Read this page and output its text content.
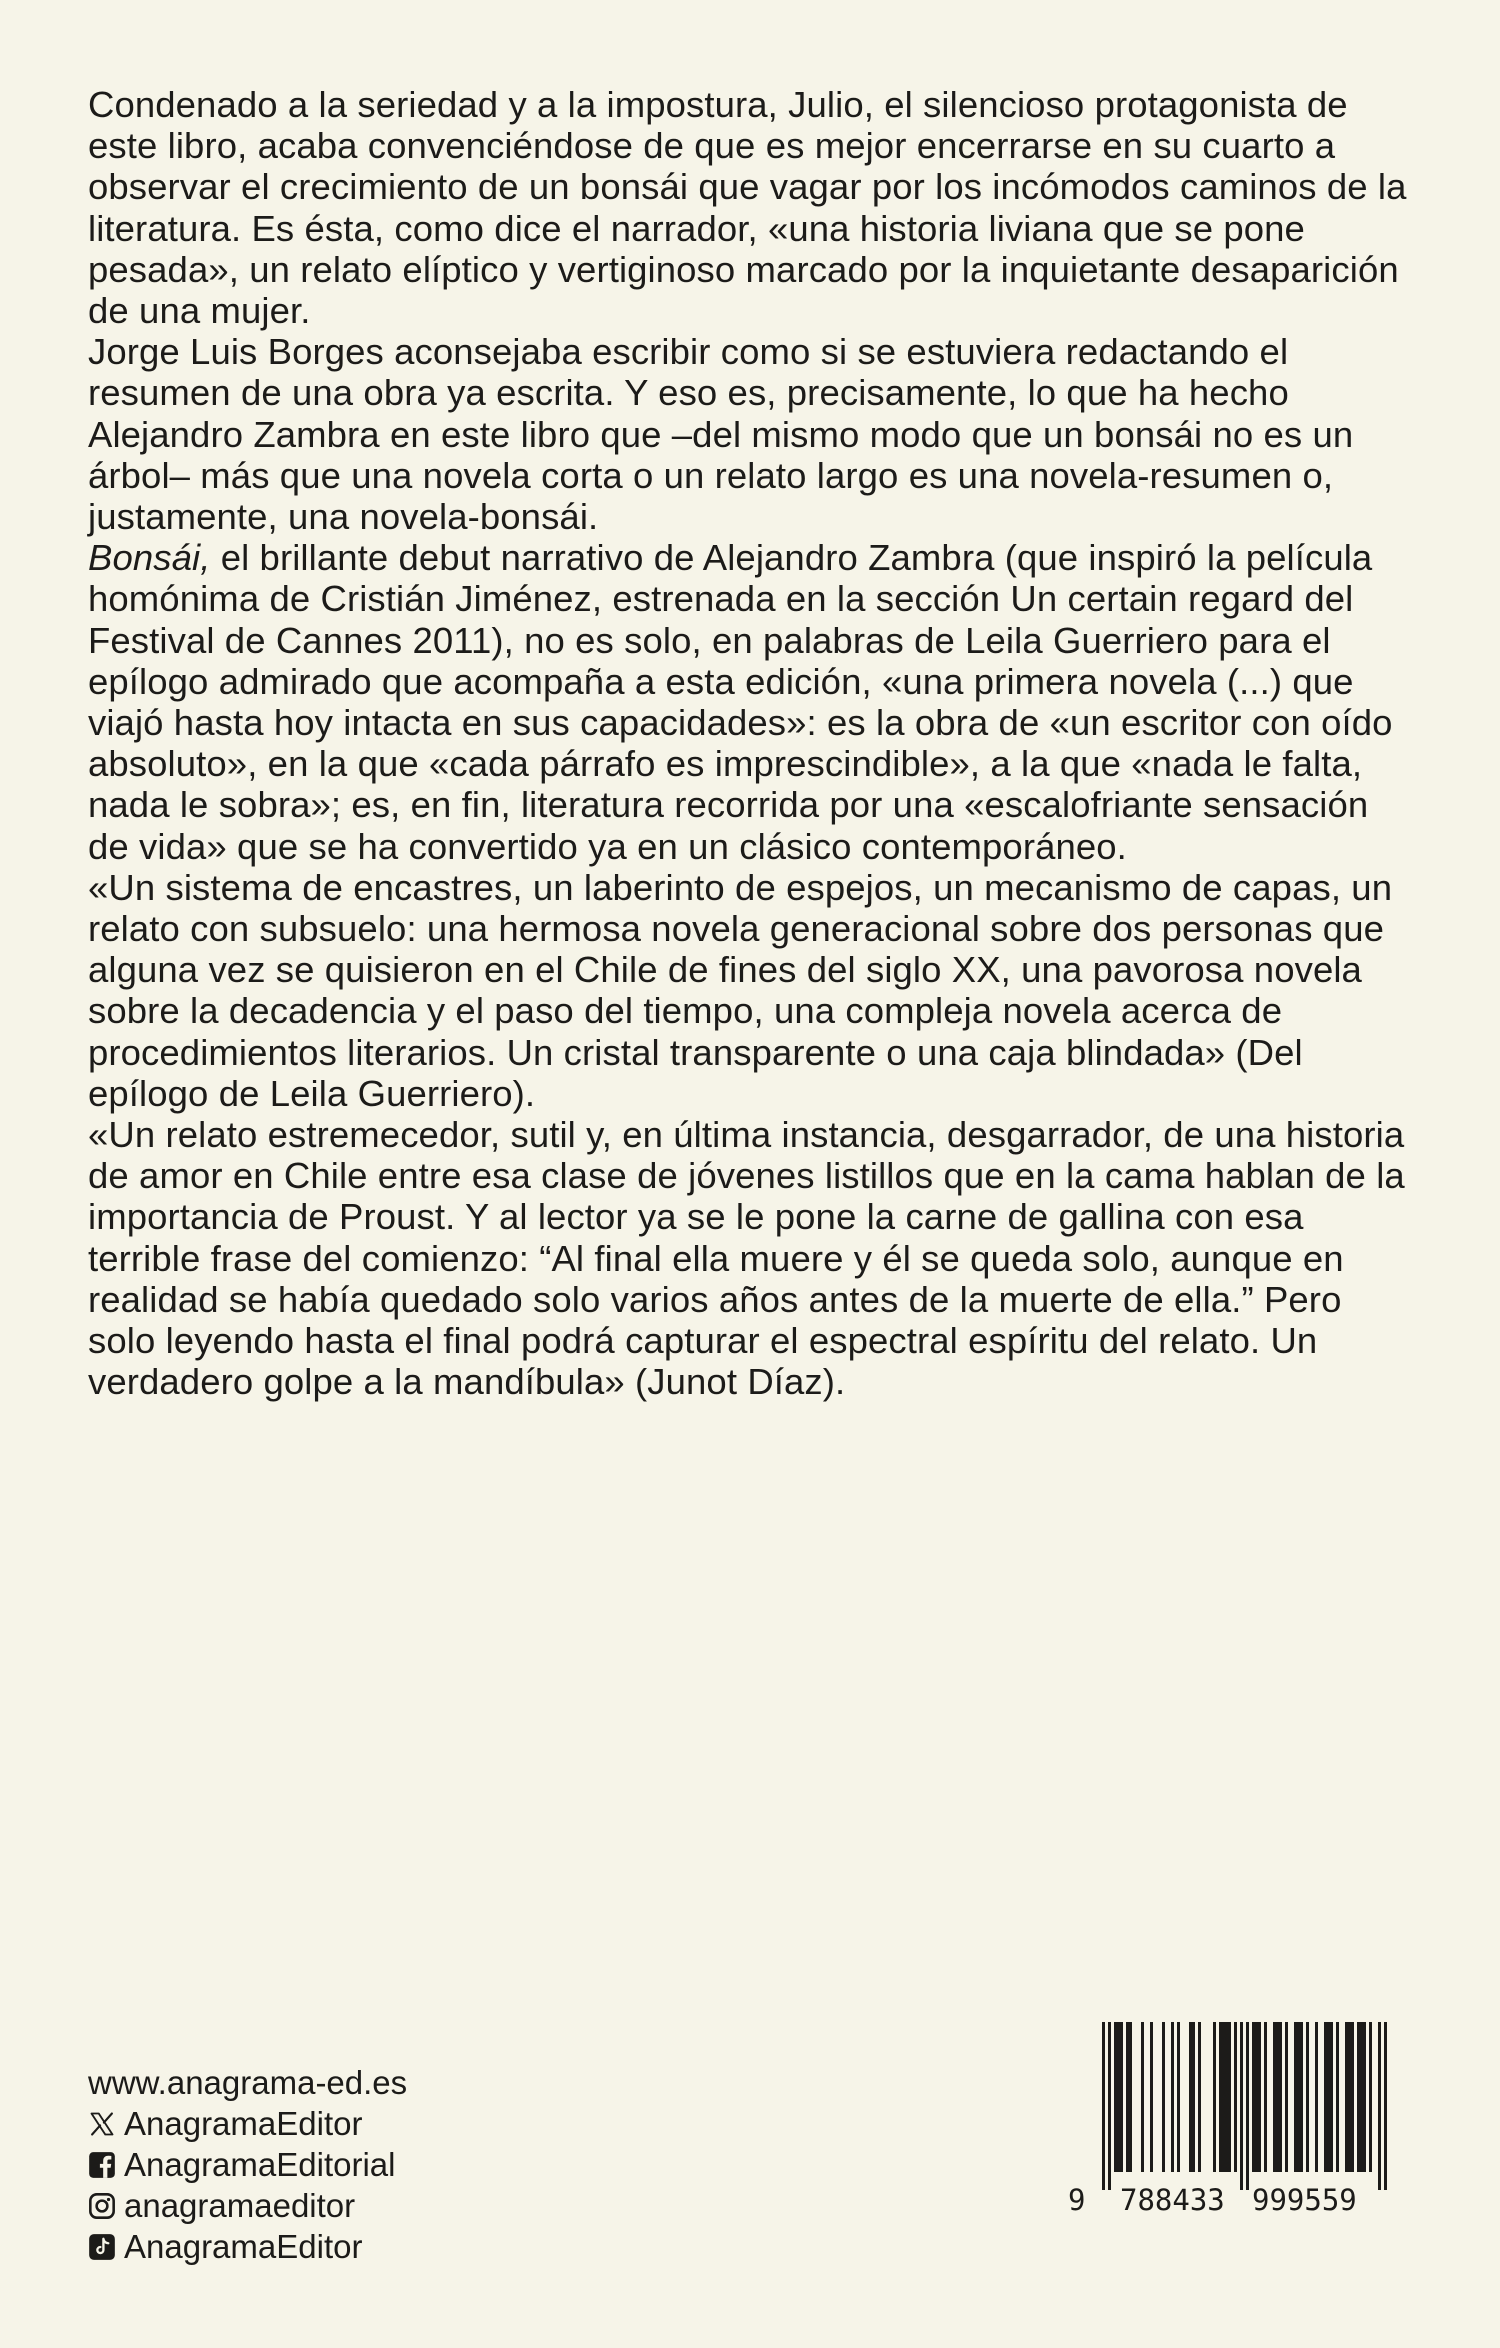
Condenado a la seriedad y a la impostura, Julio, el silencioso protagonista de este libro, acaba convenciéndose de que es mejor encerrarse en su cuarto a observar el crecimiento de un bonsái que vagar por los incómodos caminos de la literatura. Es ésta, como dice el narrador, «una historia liviana que se pone pesada», un relato elíptico y vertiginoso marcado por la inquietante desaparición de una mujer.

Jorge Luis Borges aconsejaba escribir como si se estuviera redactando el resumen de una obra ya escrita. Y eso es, precisamente, lo que ha hecho Alejandro Zambra en este libro que –del mismo modo que un bonsái no es un árbol– más que una novela corta o un relato largo es una novela-resumen o, justamente, una novela-bonsái.

Bonsái, el brillante debut narrativo de Alejandro Zambra (que inspiró la película homónima de Cristián Jiménez, estrenada en la sección Un certain regard del Festival de Cannes 2011), no es solo, en palabras de Leila Guerriero para el epílogo admirado que acompaña a esta edición, «una primera novela (...) que viajó hasta hoy intacta en sus capacidades»: es la obra de «un escritor con oído absoluto», en la que «cada párrafo es imprescindible», a la que «nada le falta, nada le sobra»; es, en fin, literatura recorrida por una «escalofriante sensación de vida» que se ha convertido ya en un clásico contemporáneo.

«Un sistema de encastres, un laberinto de espejos, un mecanismo de capas, un relato con subsuelo: una hermosa novela generacional sobre dos personas que alguna vez se quisieron en el Chile de fines del siglo XX, una pavorosa novela sobre la decadencia y el paso del tiempo, una compleja novela acerca de procedimientos literarios. Un cristal transparente o una caja blindada» (Del epílogo de Leila Guerriero).

«Un relato estremecedor, sutil y, en última instancia, desgarrador, de una historia de amor en Chile entre esa clase de jóvenes listillos que en la cama hablan de la importancia de Proust. Y al lector ya se le pone la carne de gallina con esa terrible frase del comienzo: “Al final ella muere y él se queda solo, aunque en realidad se había quedado solo varios años antes de la muerte de ella.” Pero solo leyendo hasta el final podrá capturar el espectral espíritu del relato. Un verdadero golpe a la mandíbula» (Junot Díaz).

www.anagrama-ed.es
AnagramaEditor
AnagramaEditorial
anagramaeditor
AnagramaEditor
9 788433 999559
